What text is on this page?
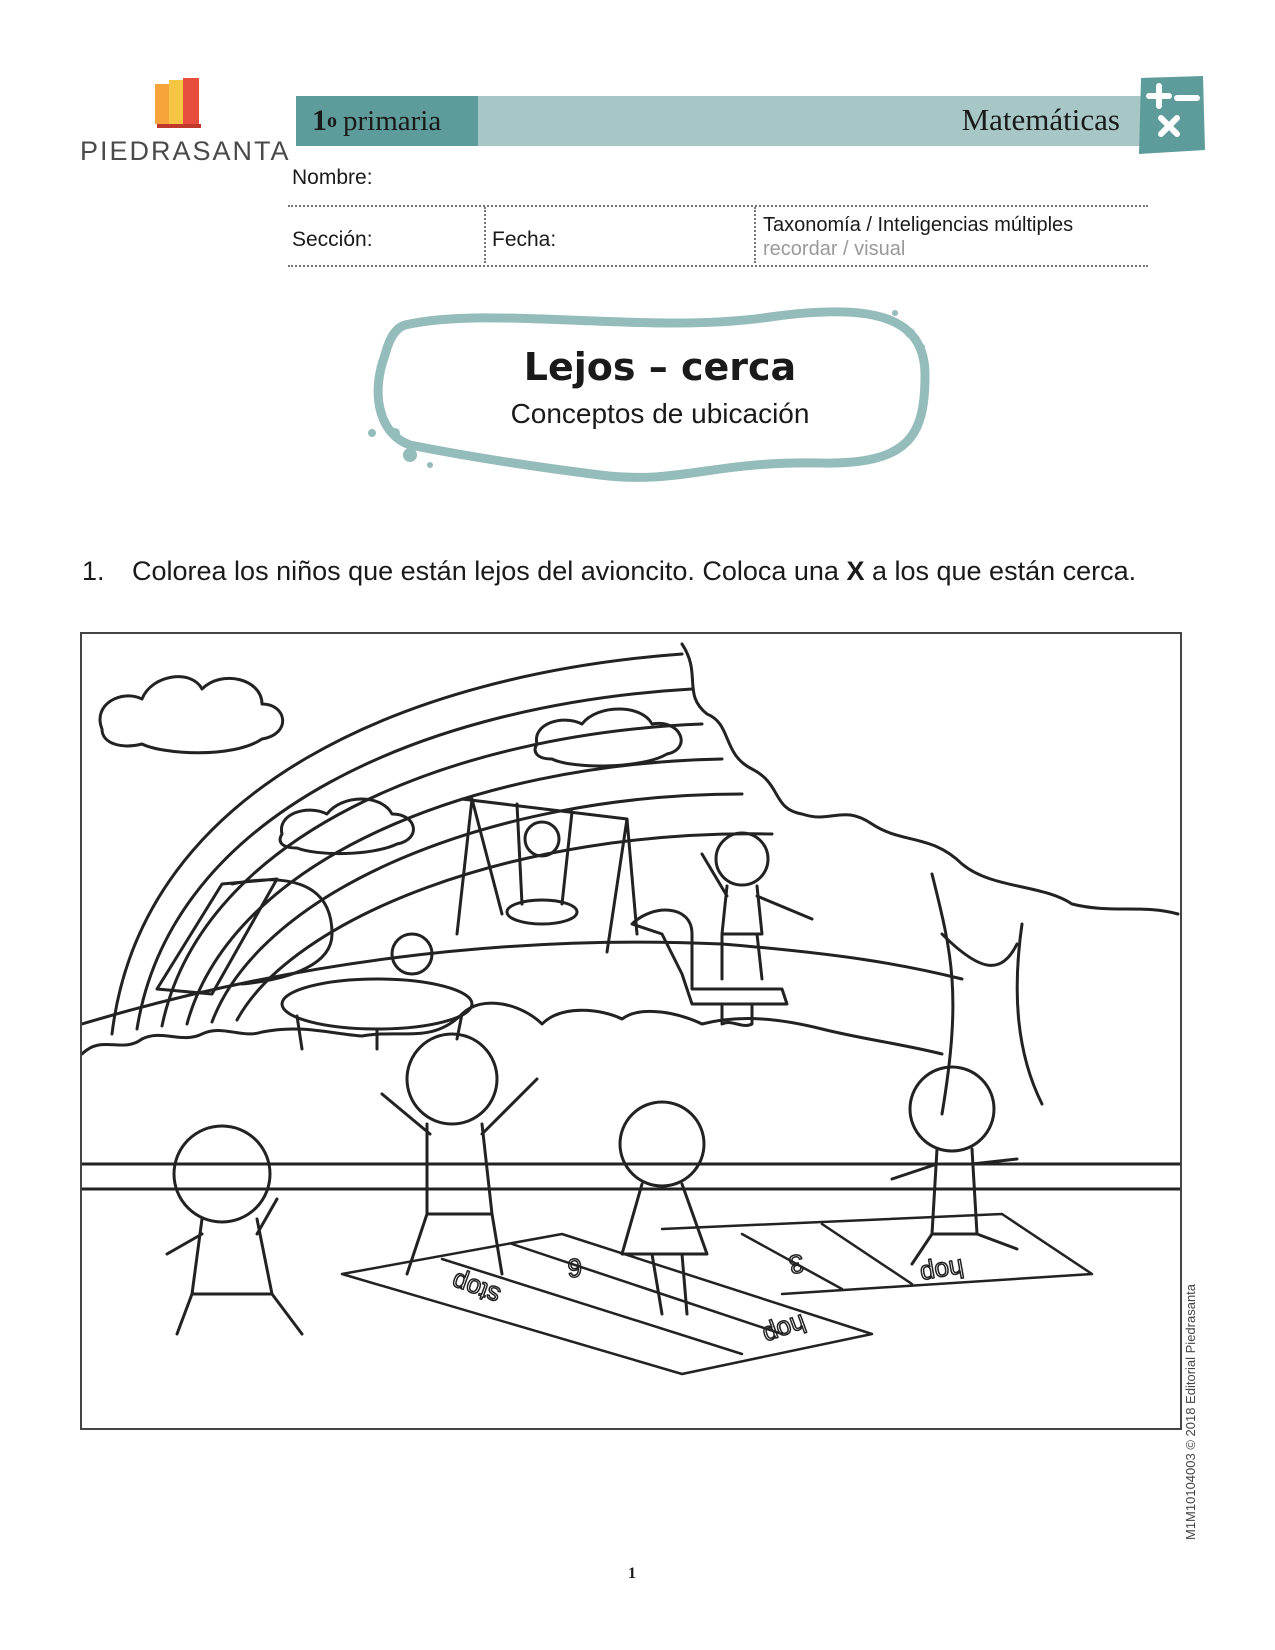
PIEDRASANTA
1 o primaria	Matemáticas
Nombre:
Sección:	Fecha:
Taxonomía / Inteligencias múltiples
recordar / visual
Lejos – cerca
Conceptos de ubicación
1. Colorea los niños que están lejos del avioncito. Coloca una X a los que están cerca.
stop 6	3
hop
hop
M1M10104003 © 2018 Editorial Piedrasanta
1
